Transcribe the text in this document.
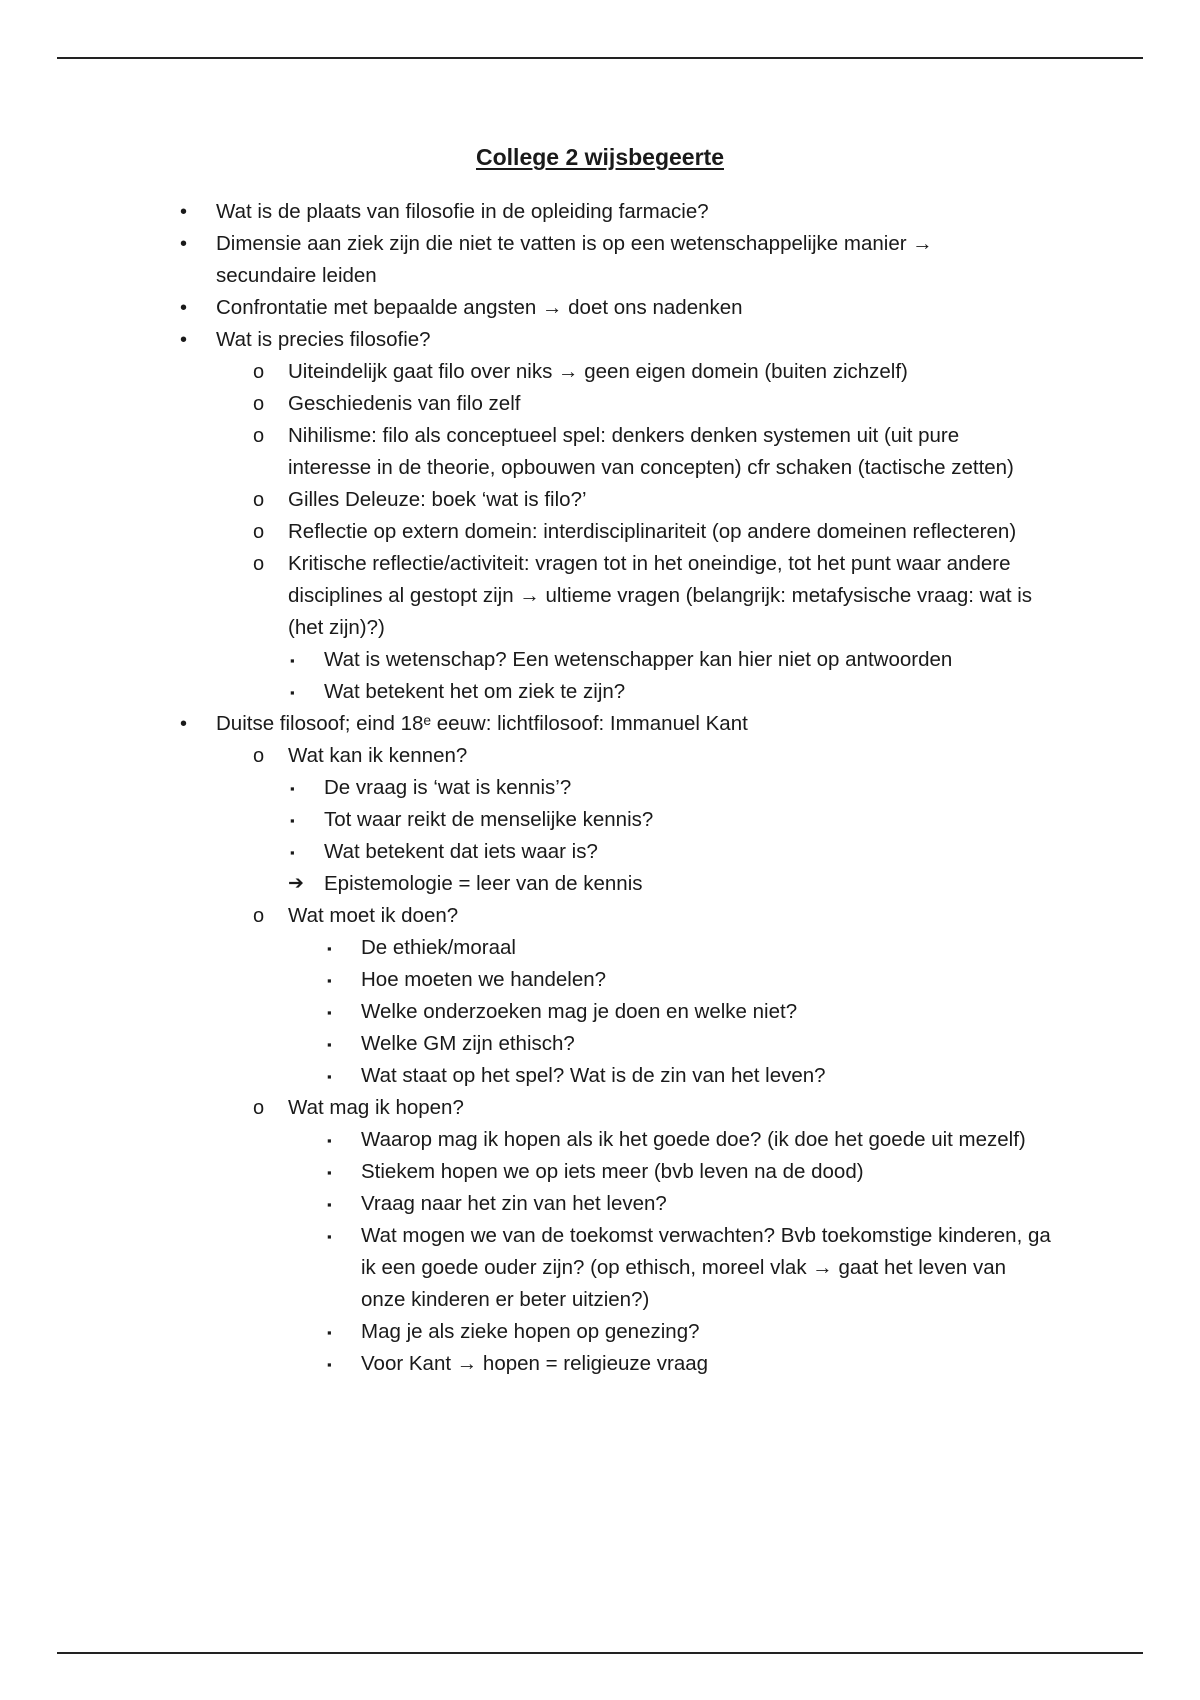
College 2 wijsbegeerte
• Wat is de plaats van filosofie in de opleiding farmacie?
• Dimensie aan ziek zijn die niet te vatten is op een wetenschappelijke manier → secundaire leiden
• Confrontatie met bepaalde angsten → doet ons nadenken
• Wat is precies filosofie?
o Uiteindelijk gaat filo over niks → geen eigen domein (buiten zichzelf)
o Geschiedenis van filo zelf
o Nihilisme: filo als conceptueel spel: denkers denken systemen uit (uit pure interesse in de theorie, opbouwen van concepten) cfr schaken (tactische zetten)
o Gilles Deleuze: boek ‘wat is filo?’
o Reflectie op extern domein: interdisciplinariteit (op andere domeinen reflecteren)
o Kritische reflectie/activiteit: vragen tot in het oneindige, tot het punt waar andere disciplines al gestopt zijn → ultieme vragen (belangrijk: metafysische vraag: wat is (het zijn)?)
▪ Wat is wetenschap? Een wetenschapper kan hier niet op antwoorden
▪ Wat betekent het om ziek te zijn?
• Duitse filosoof; eind 18ᵉ eeuw: lichtfilosoof: Immanuel Kant
o Wat kan ik kennen?
▪ De vraag is ‘wat is kennis’?
▪ Tot waar reikt de menselijke kennis?
▪ Wat betekent dat iets waar is?
➔ Epistemologie = leer van de kennis
o Wat moet ik doen?
▪ De ethiek/moraal
▪ Hoe moeten we handelen?
▪ Welke onderzoeken mag je doen en welke niet?
▪ Welke GM zijn ethisch?
▪ Wat staat op het spel? Wat is de zin van het leven?
o Wat mag ik hopen?
▪ Waarop mag ik hopen als ik het goede doe? (ik doe het goede uit mezelf)
▪ Stiekem hopen we op iets meer (bvb leven na de dood)
▪ Vraag naar het zin van het leven?
▪ Wat mogen we van de toekomst verwachten? Bvb toekomstige kinderen, ga ik een goede ouder zijn? (op ethisch, moreel vlak → gaat het leven van onze kinderen er beter uitzien?)
▪ Mag je als zieke hopen op genezing?
▪ Voor Kant → hopen = religieuze vraag
